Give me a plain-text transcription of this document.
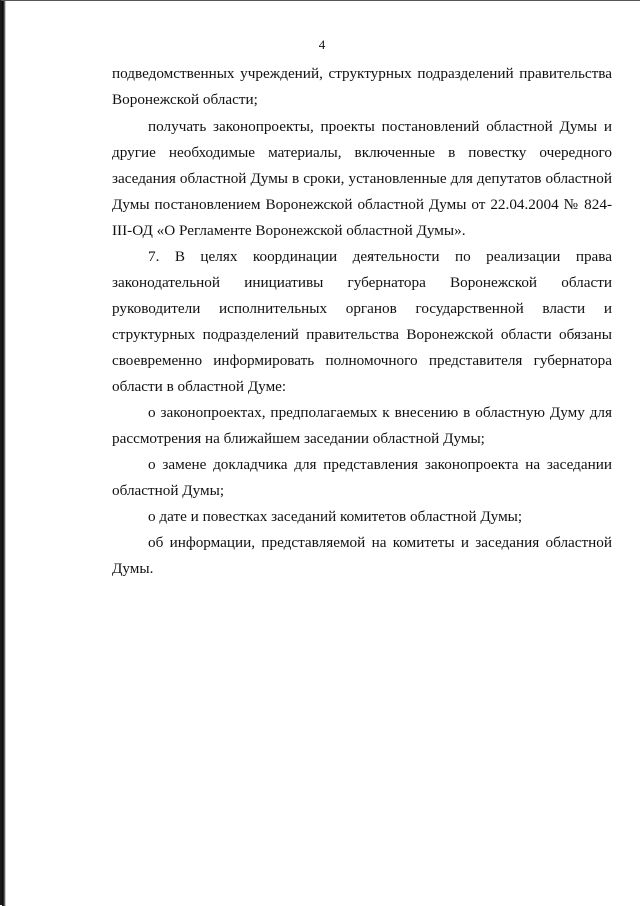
4

подведомственных учреждений, структурных подразделений правительства Воронежской области;

получать законопроекты, проекты постановлений областной Думы и другие необходимые материалы, включенные в повестку очередного заседания областной Думы в сроки, установленные для депутатов областной Думы постановлением Воронежской областной Думы от 22.04.2004 № 824-III-ОД «О Регламенте Воронежской областной Думы».

7. В целях координации деятельности по реализации права законодательной инициативы губернатора Воронежской области руководители исполнительных органов государственной власти и структурных подразделений правительства Воронежской области обязаны своевременно информировать полномочного представителя губернатора области в областной Думе:

о законопроектах, предполагаемых к внесению в областную Думу для рассмотрения на ближайшем заседании областной Думы;

о замене докладчика для представления законопроекта на заседании областной Думы;

о дате и повестках заседаний комитетов областной Думы;

об информации, представляемой на комитеты и заседания областной Думы.
